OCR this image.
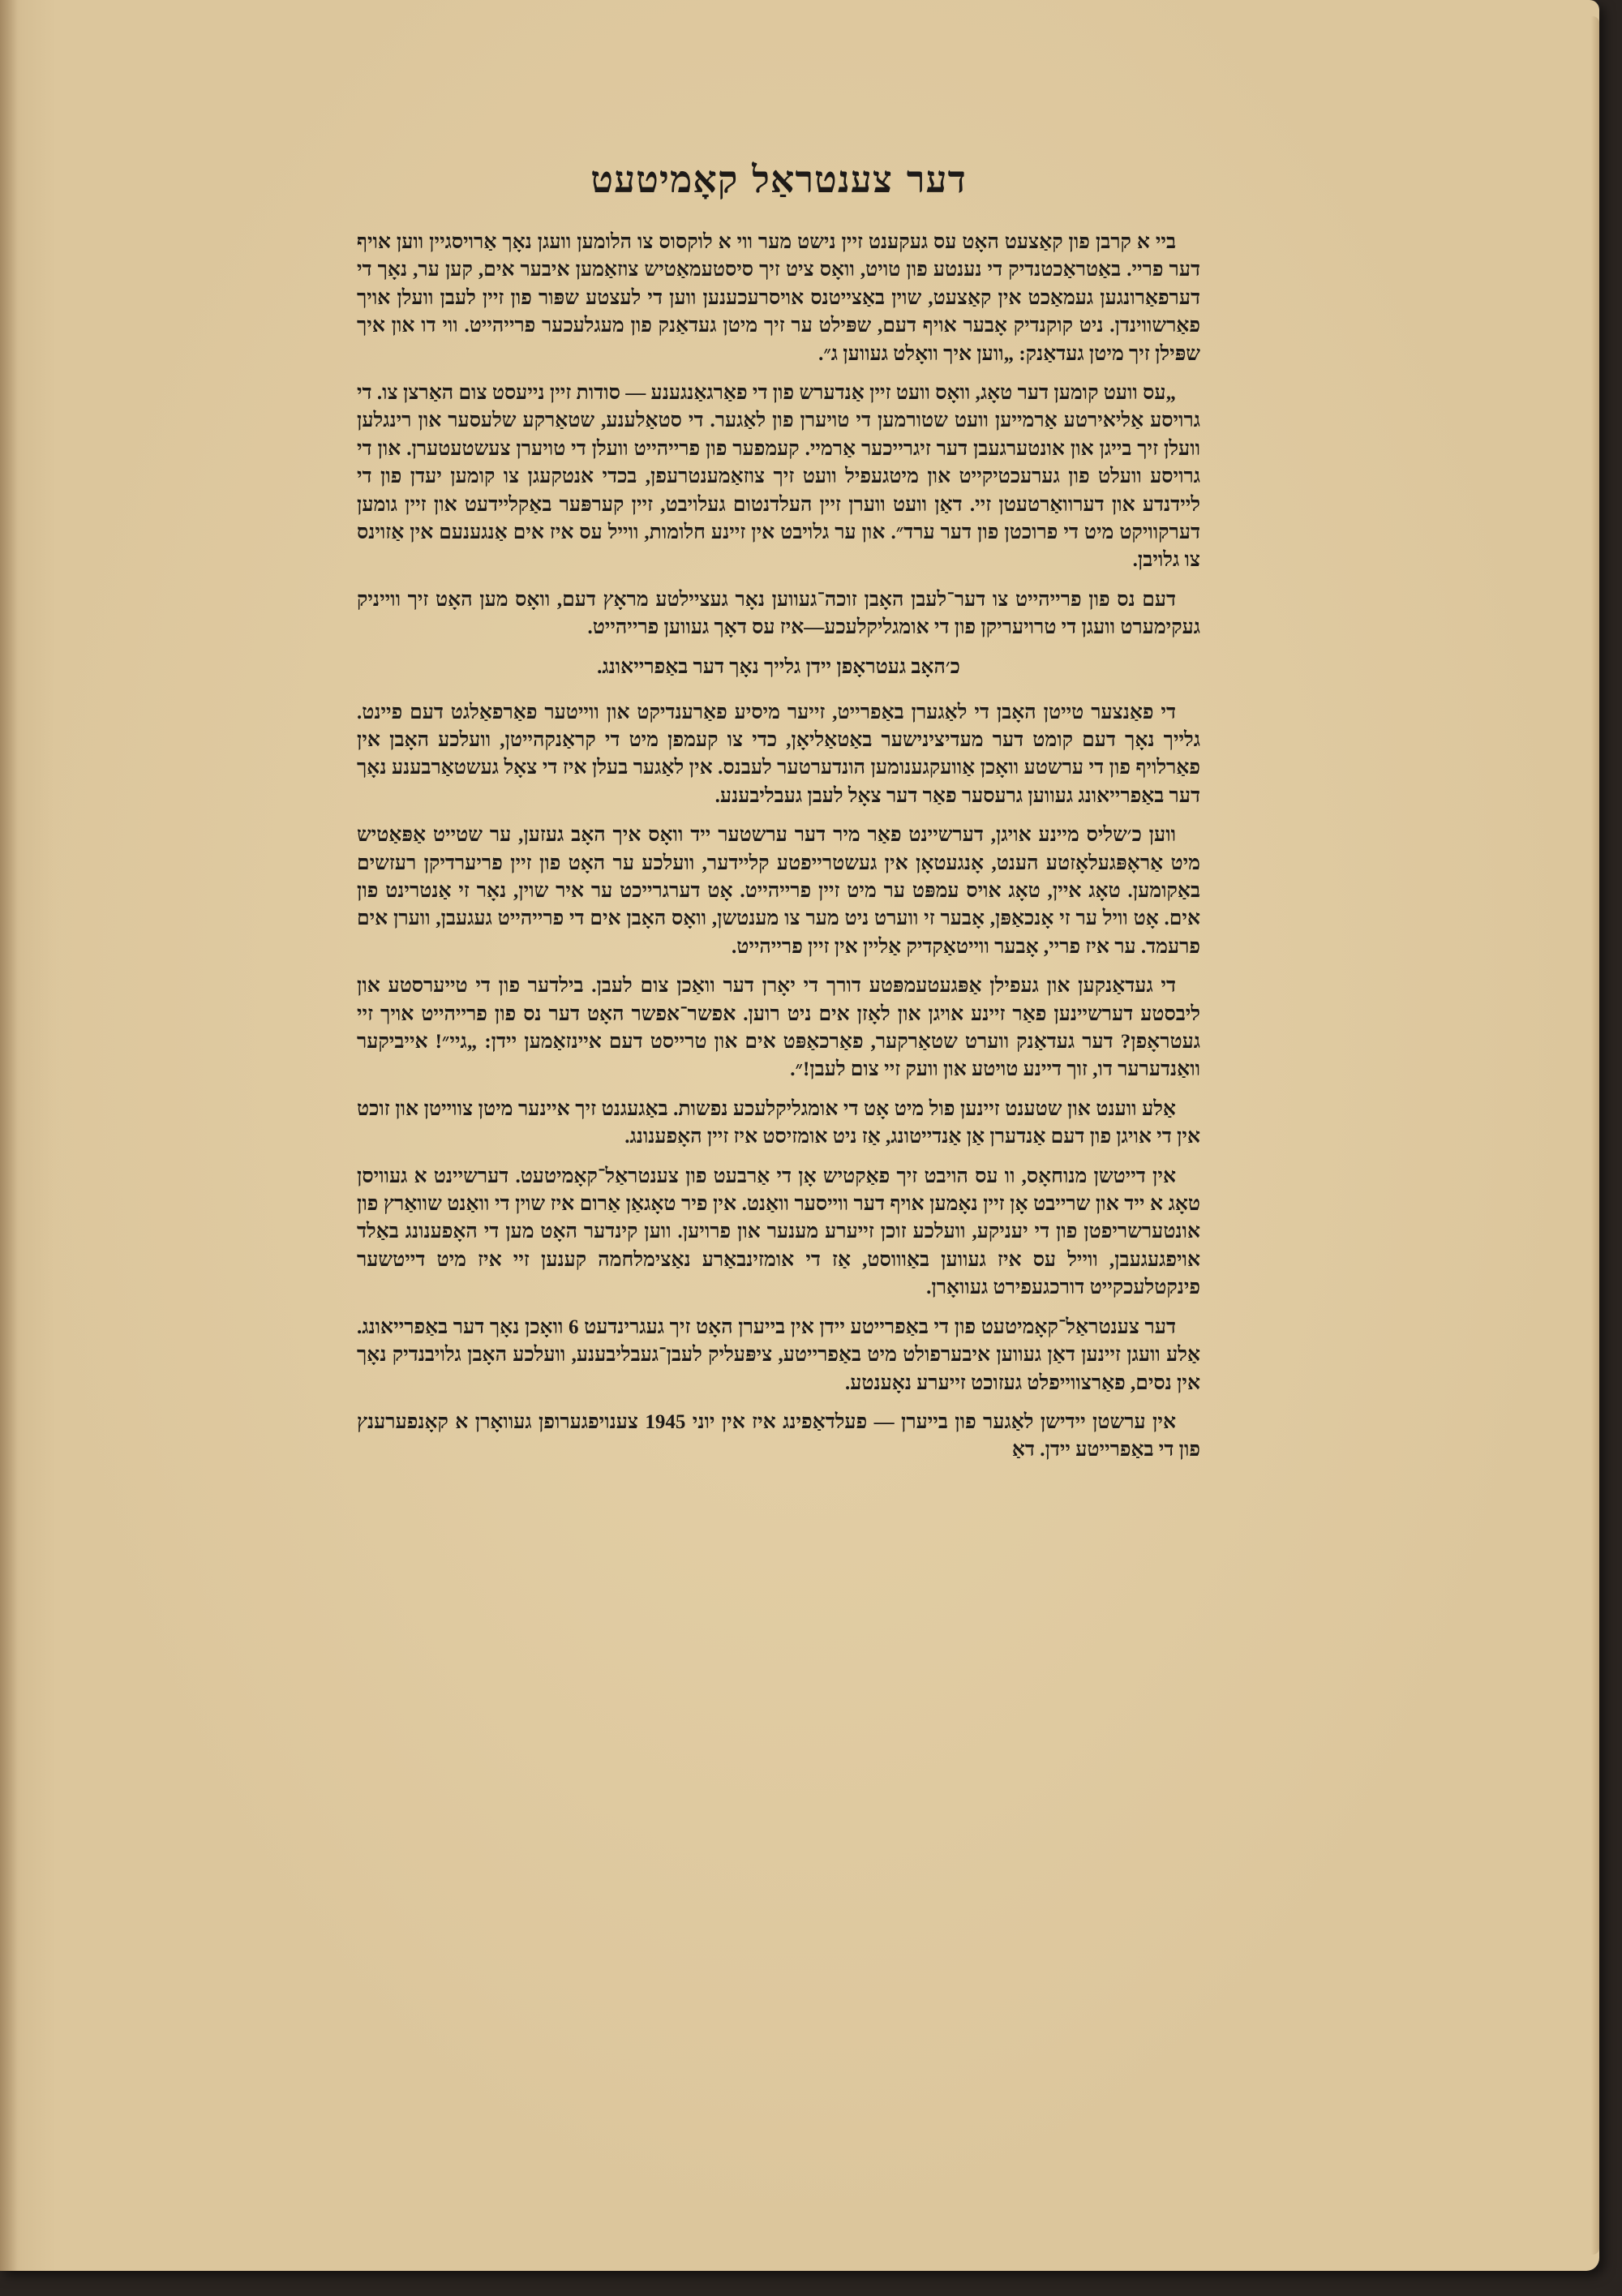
דער צענטראַל קאָמיטעט

ביי א קרבן פון קאַצעט האָט עס געקענט זיין נישט מער ווי א לוקסוס צו הלומען וועגן נאָך אַרויסגיין ווען אויף דער פריי. באַטראַכטנדיק די נענטע פון טויט, וואָס ציט זיך סיסטעמאַטיש צוזאַמען איבער אים, קען ער, נאָך די דערפאַרונגען געמאַכט אין קאַצעט, שוין באַצייטנס אויסרעכענען ווען די לעצטע שפּור פון זיין לעבן וועלן אויך פאַרשווינדן. ניט קוקנדיק אָבער אויף דעם, שפּילט ער זיך מיטן געדאַנק פון מעגלעכער פרייהייט. ווי דו און איך שפּילן זיך מיטן געדאַנק: „ווען איך וואָלט געווען ג״.

„עס וועט קומען דער טאָג, וואָס וועט זיין אַנדערש פון די פאַרגאַנגענע — סודות זיין נייעסט צום האַרצן צו. די גרויסע אַליאירטע אַרמייען וועט שטורמען די טויערן פון לאַגער. די סטאַלענע, שטאַרקע שלעסער און רינגלען וועלן זיך בייגן און אונטערגעבן דער זיגרייכער אַרמיי. קעמפער פון פרייהייט וועלן די טויערן צעשטעטערן. און די גרויסע וועלט פון גערעכטיקייט און מיטגעפיל וועט זיך צוזאַמענטרעפן, בכדי אנטקעגן צו קומען יעדן פון די ליידנדע און דערוואַרטעטן זיי. דאַן וועט ווערן זיין העלדנטום געלויבט, זיין קערפּער באַקליידעט און זיין גומען דערקוויקט מיט די פרוכטן פון דער ערד״. און ער גלויבט אין זיינע חלומות, ווייל עס איז אים אַנגענעם אין אַזוינס צו גלויבן.

דעם נס פון פרייהייט צו דער־לעבן האָבן זוכה־געווען נאָר געציילטע מראָץ דעם, וואָס מען האָט זיך ווייניק געקימערט וועגן די טרויעריקן פון די אומגליקלעכע—איז עס דאָך געווען פרייהייט.

כ׳האָב געטראָפן יידן גלייך נאָך דער באַפרייאונג.

די פאַנצער טייטן האָבן די לאַגערן באַפרייט, זייער מיסיע פאַרענדיקט און ווייטער פאַרפאַלגט דעם פיינט. גלייך נאָך דעם קומט דער מעדיצינישער באַטאַליאָן, כדי צו קעמפן מיט די קראַנקהייטן, וועלכע האָבן אין פאַרלויף פון די ערשטע וואָכן אַוועקגענומען הונדערטער לעבנס. אין לאַגער בעלן איז די צאָל געשטאַרבענע נאָך דער באַפרייאונג געווען גרעסער פאַר דער צאָל לעבן געבליבענע.

ווען כ׳שליס מיינע אויגן, דערשיינט פאַר מיר דער ערשטער ייד וואָס איך האָב געזען, ער שטייט אַפּאַטיש מיט אַראָפּגעלאָזטע הענט, אָנגעטאָן אין געשטרייפטע קליידער, וועלכע ער האָט פון זיין פריערדיקן רעזשים באַקומען. טאָג איין, טאָג אויס עמפּט ער מיט זיין פרייהייט. אָט דערגרייכט ער איר שוין, נאָר זי אַנטרינט פון אים. אָט וויל ער זי אָנכאַפּן, אָבער זי ווערט ניט מער צו מענטשן, וואָס האָבן אים די פרייהייט געגעבן, ווערן אים פרעמד. ער איז פריי, אָבער ווייטאַקדיק אַליין אין זיין פרייהייט.

די געדאַנקען און געפילן אַפּגעטעמפּטע דורך די יאָרן דער וואַכן צום לעבן. בילדער פון די טייערסטע און ליבסטע דערשיינען פאַר זיינע אויגן און לאָזן אים ניט רוען. אפשר־אפשר האָט דער נס פון פרייהייט אויך זיי געטראָפן? דער געדאַנק ווערט שטאַרקער, פאַרכאַפּט אים און טרייסט דעם איינזאַמען יידן: „גיי״! אייביקער וואַנדערער דו, זוך דיינע טויטע און וועק זיי צום לעבן!״.

אַלע ווענט און שטענט זיינען פול מיט אָט די אומגליקלעכע נפשות. באַגעגנט זיך איינער מיטן צווייטן און זוכט אין די אויגן פון דעם אַנדערן אַן אַנדייטונג, אַז ניט אומזיסט איז זיין האָפענונג.

אין דייטשן מנוחאָס, וו עס הויבט זיך פאַקטיש אָן די אַרבעט פון צענטראַל־קאָמיטעט. דערשיינט א געוויסן טאָג א ייד און שרייבט אָן זיין נאָמען אויף דער ווייסער וואַנט. אין פיר טאָגאַן אַרום איז שוין די וואַנט שוואַרץ פון אונטערשריפטן פון די יעניקע, וועלכע זוכן זייערע מענער און פרויען. ווען קינדער האָט מען די האָפענונג באַלד אויפגעגעבן, ווייל עס איז געווען באַוווסט, אַז די אומזינבאַרע נאַצימלחמה קענען זיי איז מיט דייטשער פינקטלעכקייט דורכגעפירט געוואָרן.

דער צענטראַל־קאָמיטעט פון די באַפרייטע יידן אין בייערן האָט זיך געגרינדעט 6 וואָכן נאָך דער באַפרייאונג. אַלע וועגן זיינען דאַן געווען איבערפולט מיט באַפרייטע, ציפּעליק לעבן־געבליבענע, וועלכע האָבן גלויבנדיק נאָך אין נסים, פאַרצווייפלט געזוכט זייערע נאָענטע.

אין ערשטן יידישן לאַגער פון בייערן — פעלדאַפינג איז אין יוני 1945 צענויפגערופן געוואָרן א קאָנפערענץ פון די באַפרייטע יידן. דאַ
